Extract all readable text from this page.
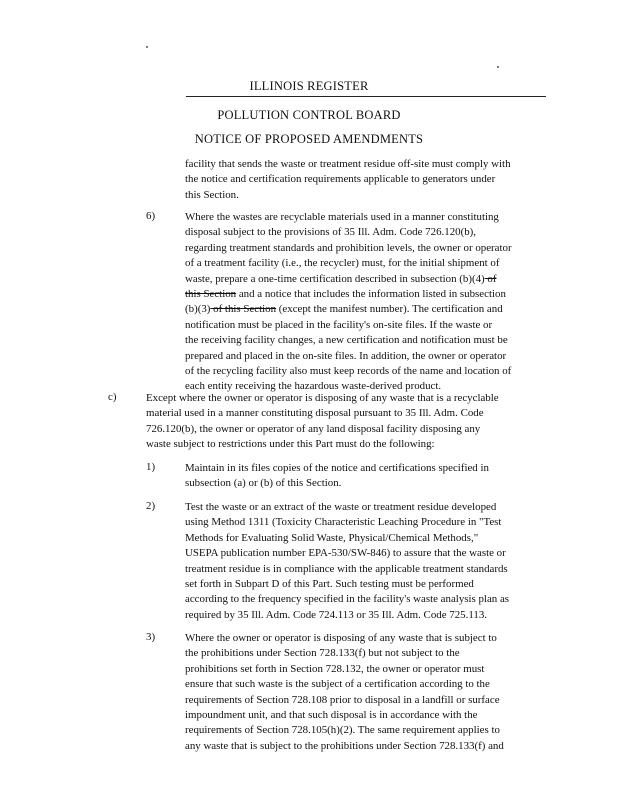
ILLINOIS REGISTER
POLLUTION CONTROL BOARD
NOTICE OF PROPOSED AMENDMENTS
facility that sends the waste or treatment residue off-site must comply with
the notice and certification requirements applicable to generators under
this Section.
6)	Where the wastes are recyclable materials used in a manner constituting
disposal subject to the provisions of 35 Ill. Adm. Code 726.120(b),
regarding treatment standards and prohibition levels, the owner or operator
of a treatment facility (i.e., the recycler) must, for the initial shipment of
waste, prepare a one-time certification described in subsection (b)(4) of
this Section and a notice that includes the information listed in subsection
(b)(3) of this Section (except the manifest number). The certification and
notification must be placed in the facility's on-site files. If the waste or
the receiving facility changes, a new certification and notification must be
prepared and placed in the on-site files. In addition, the owner or operator
of the recycling facility also must keep records of the name and location of
each entity receiving the hazardous waste-derived product.
c)	Except where the owner or operator is disposing of any waste that is a recyclable
material used in a manner constituting disposal pursuant to 35 Ill. Adm. Code
726.120(b), the owner or operator of any land disposal facility disposing any
waste subject to restrictions under this Part must do the following:
1)	Maintain in its files copies of the notice and certifications specified in
subsection (a) or (b) of this Section.
2)	Test the waste or an extract of the waste or treatment residue developed
using Method 1311 (Toxicity Characteristic Leaching Procedure in "Test
Methods for Evaluating Solid Waste, Physical/Chemical Methods,"
USEPA publication number EPA-530/SW-846) to assure that the waste or
treatment residue is in compliance with the applicable treatment standards
set forth in Subpart D of this Part. Such testing must be performed
according to the frequency specified in the facility's waste analysis plan as
required by 35 Ill. Adm. Code 724.113 or 35 Ill. Adm. Code 725.113.
3)	Where the owner or operator is disposing of any waste that is subject to
the prohibitions under Section 728.133(f) but not subject to the
prohibitions set forth in Section 728.132, the owner or operator must
ensure that such waste is the subject of a certification according to the
requirements of Section 728.108 prior to disposal in a landfill or surface
impoundment unit, and that such disposal is in accordance with the
requirements of Section 728.105(h)(2). The same requirement applies to
any waste that is subject to the prohibitions under Section 728.133(f) and
